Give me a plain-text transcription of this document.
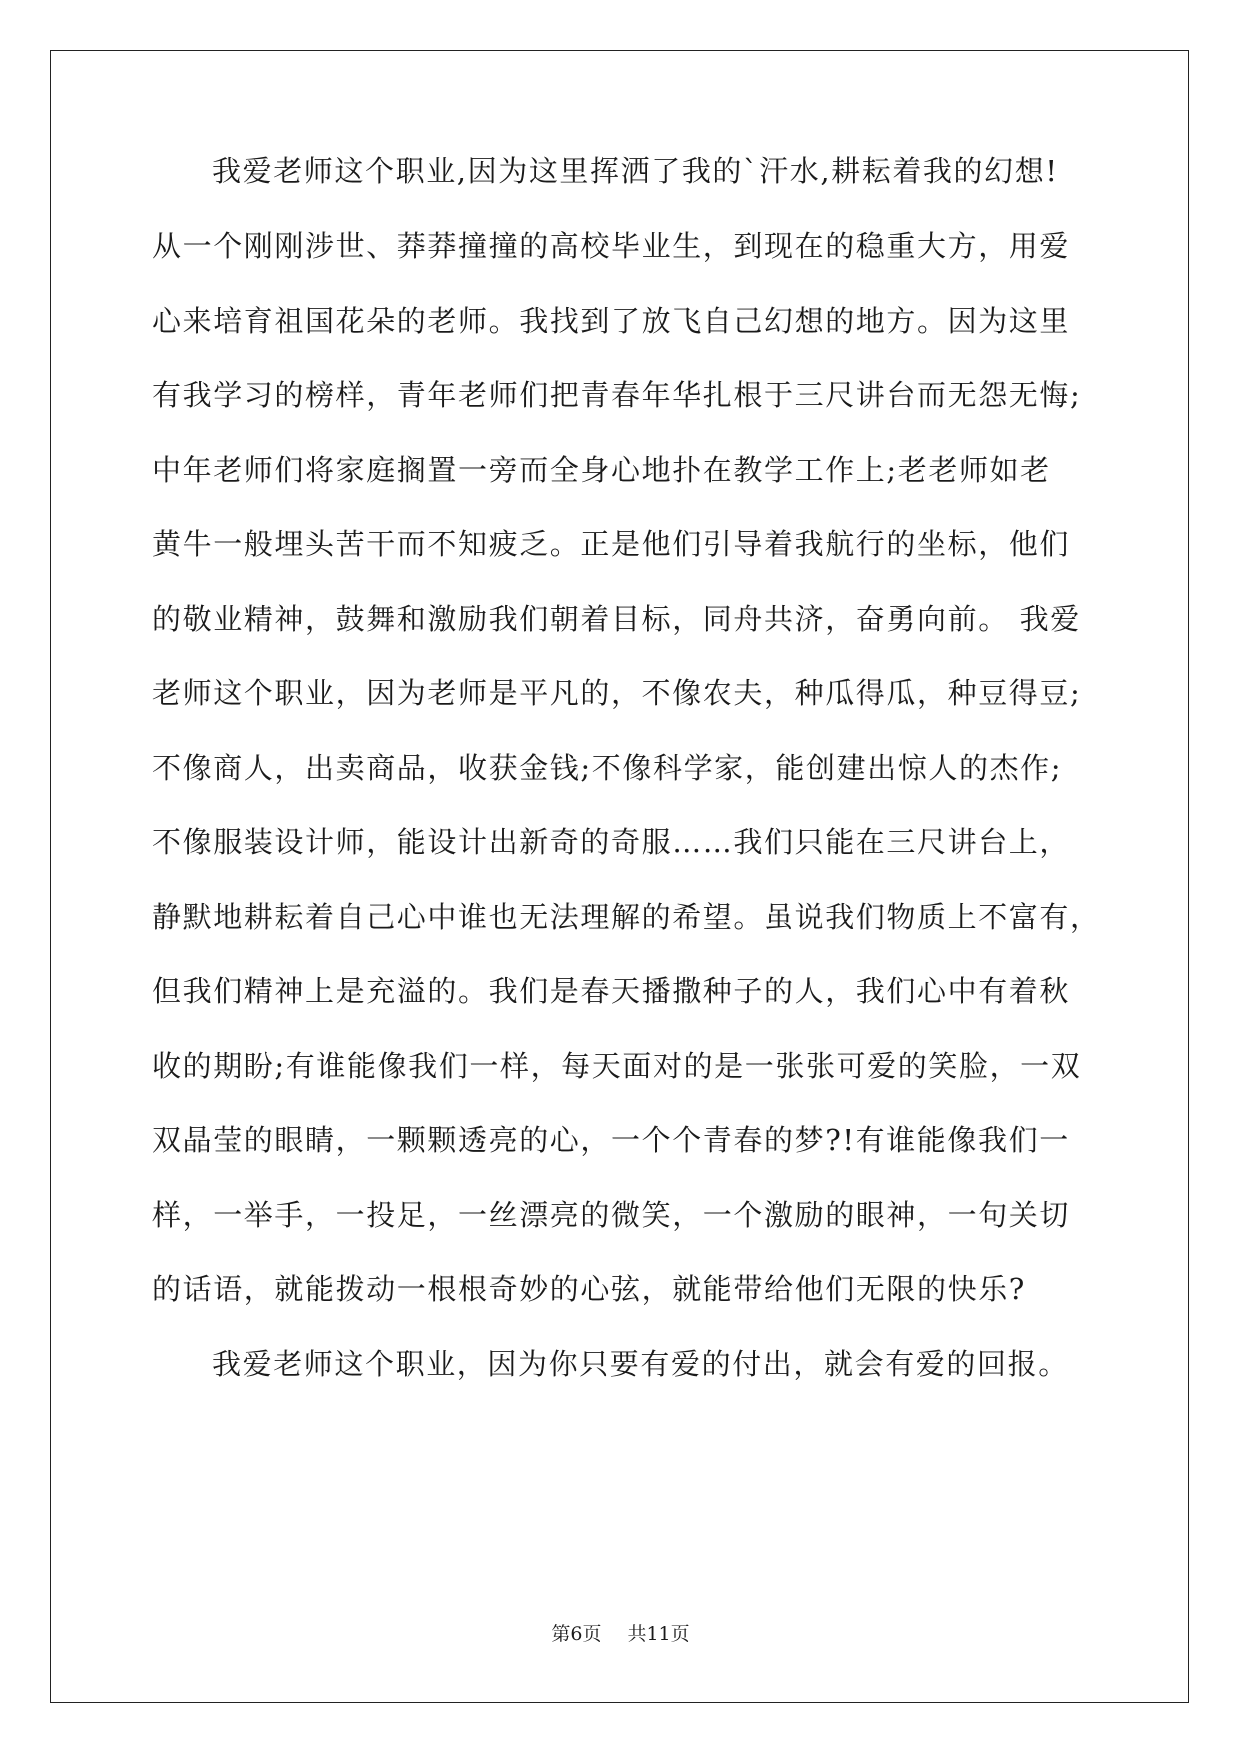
我爱老师这个职业,因为这里挥洒了我的`汗水,耕耘着我的幻想!
从一个刚刚涉世、莽莽撞撞的高校毕业生，到现在的稳重大方，用爱
心来培育祖国花朵的老师。我找到了放飞自己幻想的地方。因为这里
有我学习的榜样，青年老师们把青春年华扎根于三尺讲台而无怨无悔;
中年老师们将家庭搁置一旁而全身心地扑在教学工作上;老老师如老
黄牛一般埋头苦干而不知疲乏。正是他们引导着我航行的坐标，他们
的敬业精神，鼓舞和激励我们朝着目标，同舟共济，奋勇向前。 我爱
老师这个职业，因为老师是平凡的，不像农夫，种瓜得瓜，种豆得豆;
不像商人，出卖商品，收获金钱;不像科学家，能创建出惊人的杰作;
不像服装设计师，能设计出新奇的奇服……我们只能在三尺讲台上，
静默地耕耘着自己心中谁也无法理解的希望。虽说我们物质上不富有，
但我们精神上是充溢的。我们是春天播撒种子的人，我们心中有着秋
收的期盼;有谁能像我们一样，每天面对的是一张张可爱的笑脸，一双
双晶莹的眼睛，一颗颗透亮的心，一个个青春的梦?!有谁能像我们一
样，一举手，一投足，一丝漂亮的微笑，一个激励的眼神，一句关切
的话语，就能拨动一根根奇妙的心弦，就能带给他们无限的快乐?
我爱老师这个职业，因为你只要有爱的付出，就会有爱的回报。
第6页 共11页
